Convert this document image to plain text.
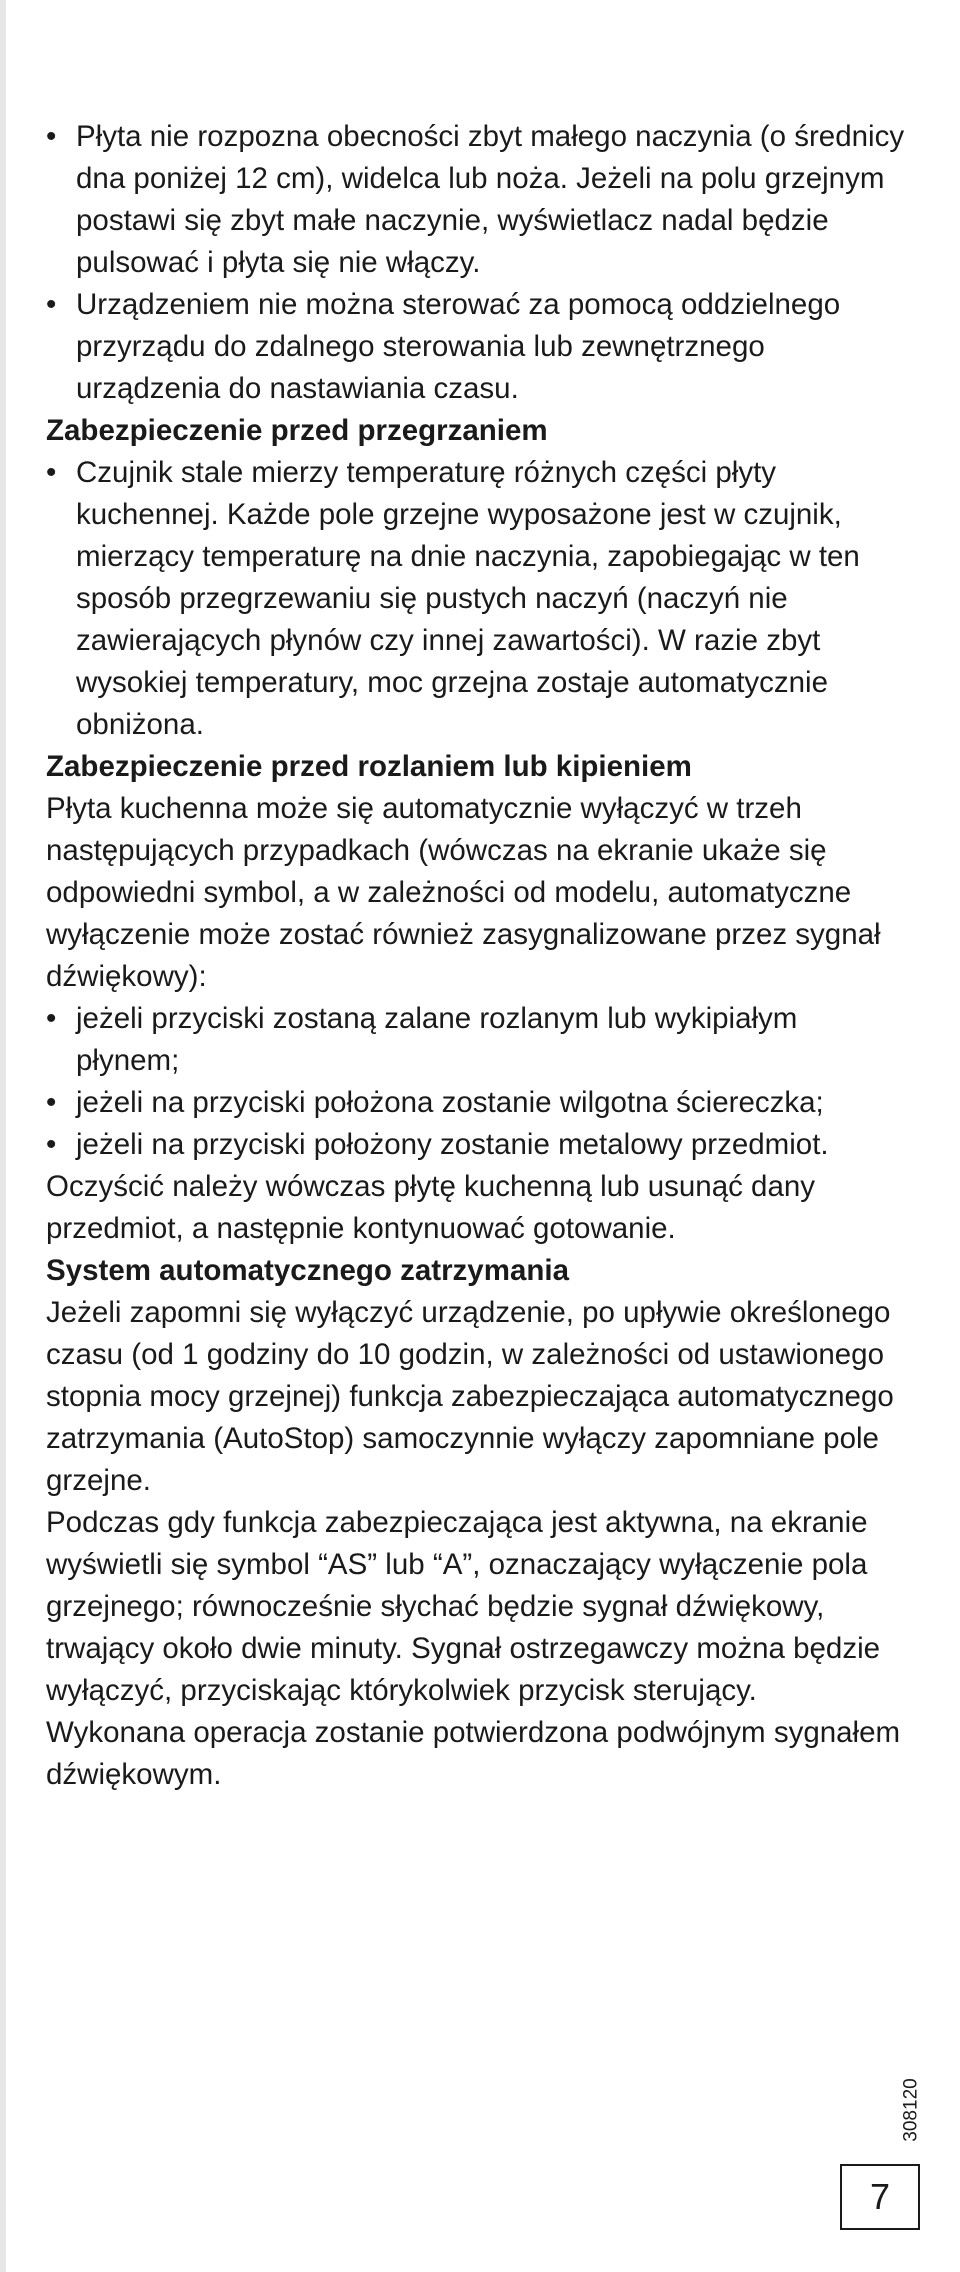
• Płyta nie rozpozna obecności zbyt małego naczynia (o średnicy dna poniżej 12 cm), widelca lub noża. Jeżeli na polu grzejnym postawi się zbyt małe naczynie, wyświetlacz nadal będzie pulsować i płyta się nie włączy.
• Urządzeniem nie można sterować za pomocą oddzielnego przyrządu do zdalnego sterowania lub zewnętrznego urządzenia do nastawiania czasu.
Zabezpieczenie przed przegrzaniem
• Czujnik stale mierzy temperaturę różnych części płyty kuchennej. Każde pole grzejne wyposażone jest w czujnik, mierzący temperaturę na dnie naczynia, zapobiegając w ten sposób przegrzewaniu się pustych naczyń (naczyń nie zawierających płynów czy innej zawartości). W razie zbyt wysokiej temperatury, moc grzejna zostaje automatycznie obniżona.
Zabezpieczenie przed rozlaniem lub kipieniem

Płyta kuchenna może się automatycznie wyłączyć w trzeh następujących przypadkach (wówczas na ekranie ukaże się odpowiedni symbol, a w zależności od modelu, automatyczne wyłączenie może zostać również zasygnalizowane przez sygnał dźwiękowy):

• jeżeli przyciski zostaną zalane rozlanym lub wykipiałym płynem;
• jeżeli na przyciski położona zostanie wilgotna ściereczka;
• jeżeli na przyciski położony zostanie metalowy przedmiot.

Oczyścić należy wówczas płytę kuchenną lub usunąć dany przedmiot, a następnie kontynuować gotowanie.

System automatycznego zatrzymania

Jeżeli zapomni się wyłączyć urządzenie, po upływie określonego czasu (od 1 godziny do 10 godzin, w zależności od ustawionego stopnia mocy grzejnej) funkcja zabezpieczająca automatycznego zatrzymania (AutoStop) samoczynnie wyłączy zapomniane pole grzejne.

Podczas gdy funkcja zabezpieczająca jest aktywna, na ekranie wyświetli się symbol “AS” lub “A”, oznaczający wyłączenie pola grzejnego; równocześnie słychać będzie sygnał dźwiękowy, trwający około dwie minuty. Sygnał ostrzegawczy można będzie wyłączyć, przyciskając którykolwiek przycisk sterujący.

Wykonana operacja zostanie potwierdzona podwójnym sygnałem dźwiękowym.

308120
7
